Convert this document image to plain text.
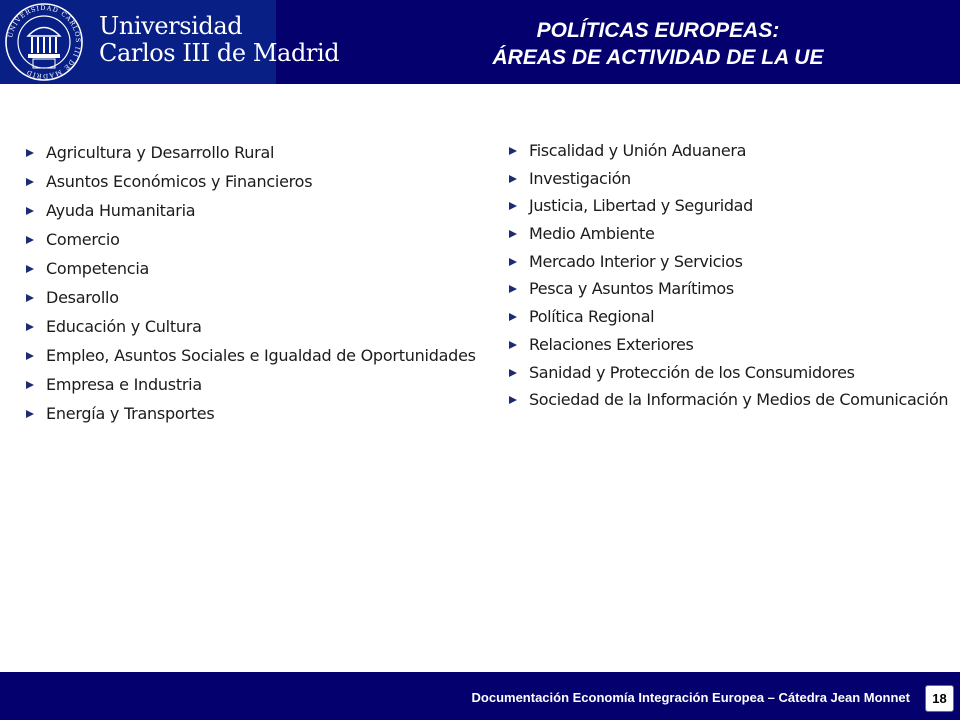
UNIVERSIDAD CARLOS III DE MADRID
Universidad
Carlos III de Madrid
POLÍTICAS EUROPEAS:
ÁREAS DE ACTIVIDAD DE LA UE
Agricultura y Desarrollo Rural
Asuntos Económicos y Financieros
Ayuda Humanitaria
Comercio
Competencia
Desarollo
Educación y Cultura
Empleo, Asuntos Sociales e Igualdad de Oportunidades
Empresa e Industria
Energía y Transportes
Fiscalidad y Unión Aduanera
Investigación
Justicia, Libertad y Seguridad
Medio Ambiente
Mercado Interior y Servicios
Pesca y Asuntos Marítimos
Política Regional
Relaciones Exteriores
Sanidad y Protección de los Consumidores
Sociedad de la Información y Medios de Comunicación
Documentación Economía Integración Europea – Cátedra Jean Monnet	18
